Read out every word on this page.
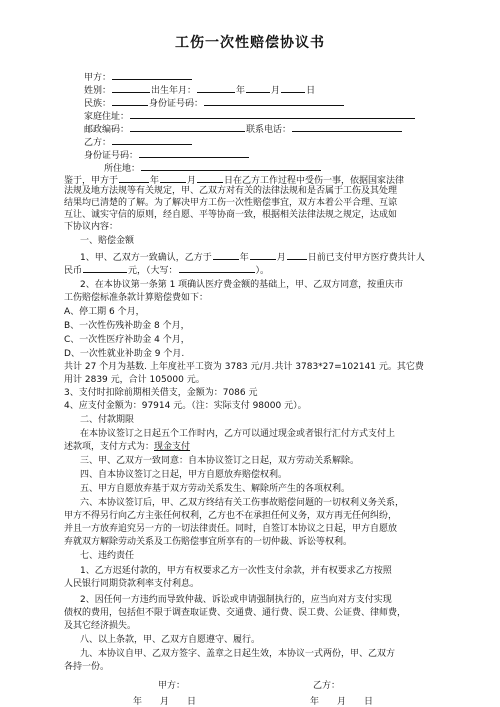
工伤一次性赔偿协议书
甲方：
姓别：	出生年月：	年	月	日
民族：	身份证号码：
家庭住址：
邮政编码：	联系电话：
乙方：
身份证号码：
所住地：
鉴于，甲方于	年	月	日在乙方工作过程中受伤一事，依据国家法律
法规及地方法规等有关规定，甲、乙双方对有关的法律法规和是否属于工伤及其处理
结果均已清楚的了解。为了解决甲方工伤一次性赔偿事宜，双方本着公平合理、互谅
互让、诚实守信的原则，经自愿、平等协商一致，根据相关法律法规之规定，达成如
下协议内容：
一、赔偿金额
1、甲、乙双方一致确认，乙方于	年	月 日前已支付甲方医疗费共计人
民币	元，（大写：	）。
2、在本协议第一条第 1 项确认医疗费金额的基础上，甲、乙双方同意，按重庆市
工伤赔偿标准条款计算赔偿费如下：
A、停工期 6 个月，
B、一次性伤残补助金 8 个月，
C、一次性医疗补助金 4 个月，
D、一次性就业补助金 9 个月.
共计 27 个月为基数. 上年度社平工资为 3783 元/月.共计 3783*27=102141 元。其它费
用计 2839 元，合计 105000 元。
3、支付时扣除前期相关借支，金额为：7086 元
4、应支付金额为：97914 元。（注：实际支付 98000 元）。
二、付款期限
在本协议签订之日起五个工作时内，乙方可以通过现金或者银行汇付方式支付上
述款项，支付方式为：现金支付
三、甲、乙双方一致同意：自本协议签订之日起，双方劳动关系解除。
四、自本协议签订之日起，甲方自愿放弃赔偿权利。
五、甲方自愿放弃基于双方劳动关系发生、解除所产生的各项权利。
六、本协议签订后，甲、乙双方终结有关工伤事故赔偿问题的一切权利义务关系，
甲方不得另行向乙方主张任何权利，乙方也不在承担任何义务，双方再无任何纠纷，
并且一方放弃追究另一方的一切法律责任。同时，自签订本协议之日起，甲方自愿放
弃就双方解除劳动关系及工伤赔偿事宜所享有的一切仲裁、诉讼等权利。
七、违约责任
1、乙方迟延付款的，甲方有权要求乙方一次性支付余款，并有权要求乙方按照
人民银行同期贷款利率支付利息。
2、因任何一方违约而导致仲裁、诉讼或申请强制执行的，应当向对方支付实现
债权的费用，包括但不限于调查取证费、交通费、通行费、误工费、公证费、律师费，
及其它经济损失。
八、以上条款，甲、乙双方自愿遵守、履行。
九、本协议自甲、乙双方签字、盖章之日起生效，本协议一式两份，甲、乙双方
各持一份。
甲方：	乙方：
年　　月　　日	年　　月　　日
